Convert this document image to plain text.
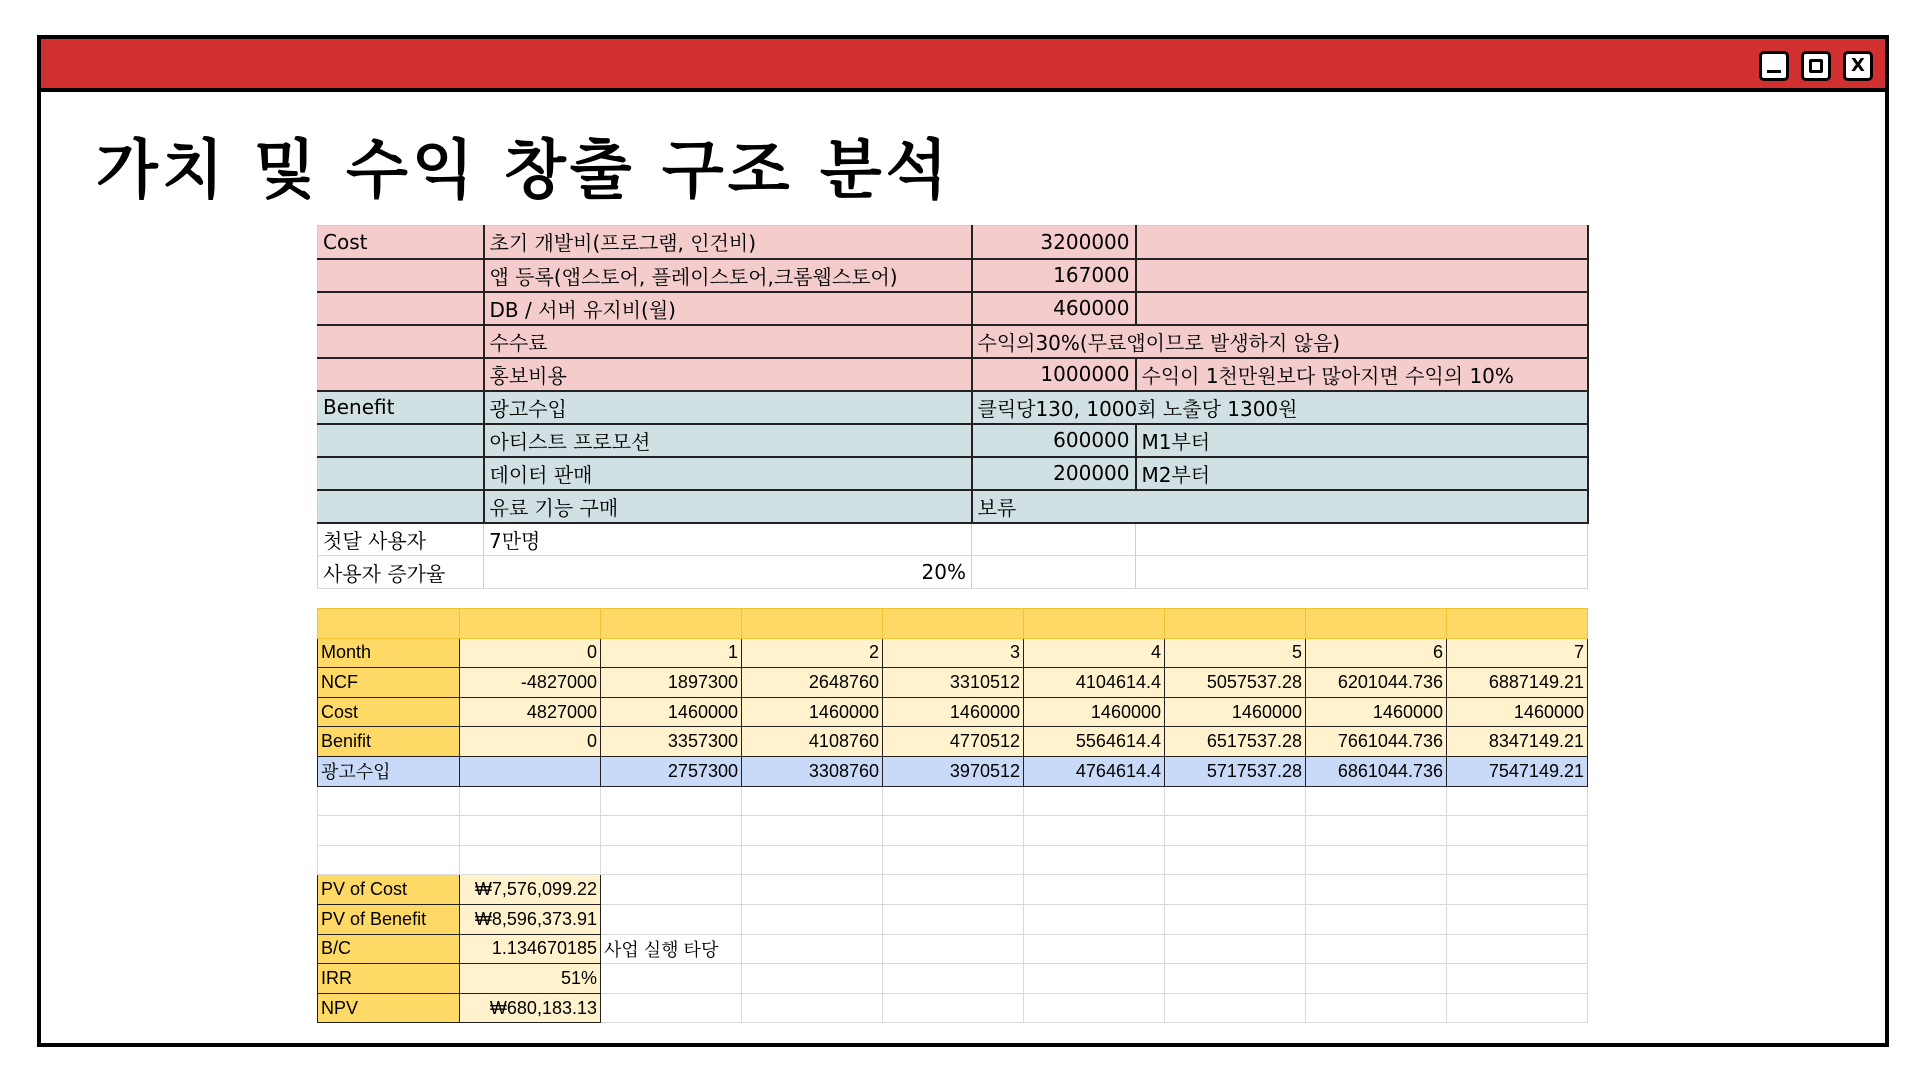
X
가치 및 수익 창출 구조 분석
Cost	초기 개발비(프로그램, 인건비)	3200000	
	앱 등록(앱스토어, 플레이스토어,크롬웹스토어)	167000	
	DB / 서버 유지비(월)	460000	
	수수료	수익의30%(무료앱이므로 발생하지 않음)	
	홍보비용	1000000	수익이 1천만원보다 많아지면 수익의 10%
Benefit	광고수입	클릭당130, 1000회 노출당 1300원	
	아티스트 프로모션	600000	M1부터
	데이터 판매	200000	M2부터
	유료 기능 구매	보류	
첫달 사용자	7만명		
사용자 증가율	20%		

Month	0	1	2	3	4	5	6	7
NCF	-4827000	1897300	2648760	3310512	4104614.4	5057537.28	6201044.736	6887149.21
Cost	4827000	1460000	1460000	1460000	1460000	1460000	1460000	1460000
Benifit	0	3357300	4108760	4770512	5564614.4	6517537.28	7661044.736	8347149.21
광고수입		2757300	3308760	3970512	4764614.4	5717537.28	6861044.736	7547149.21

PV of Cost	₩7,576,099.22							
PV of Benefit	₩8,596,373.91							
B/C	1.134670185	사업 실행 타당						
IRR	51%							
NPV	₩680,183.13							
